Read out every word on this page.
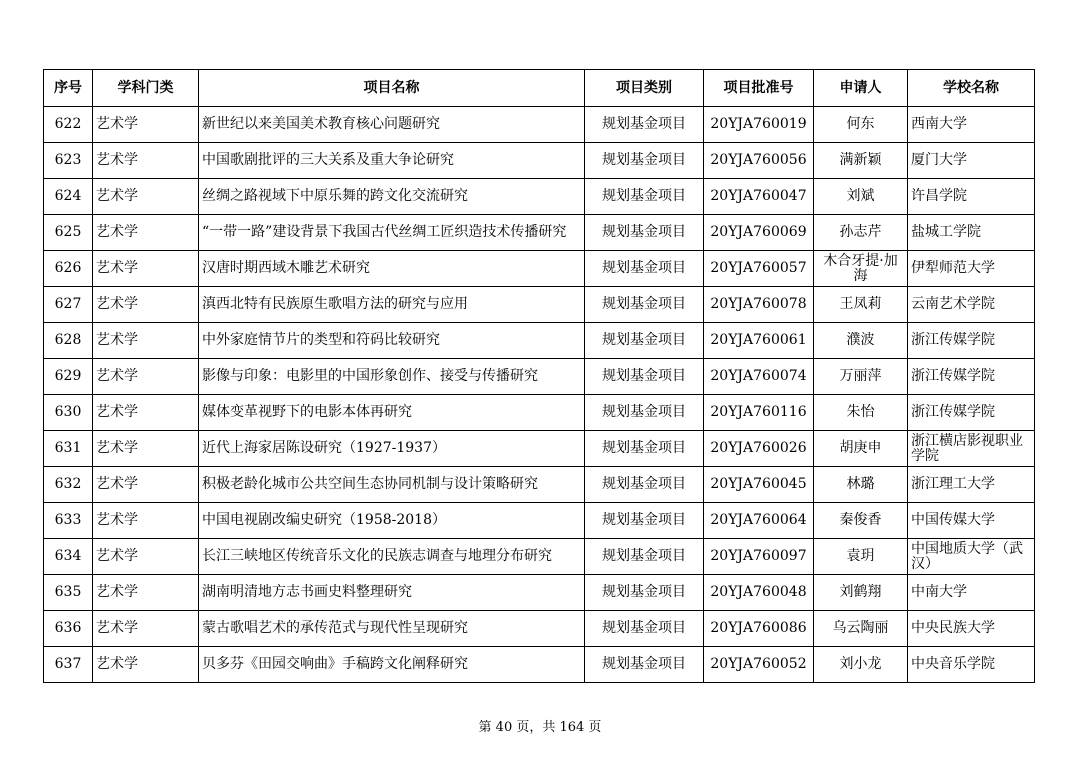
序号	学科门类	项目名称	项目类别	项目批准号	申请人	学校名称
622	艺术学	新世纪以来美国美术教育核心问题研究	规划基金项目	20YJA760019	何东	西南大学
623	艺术学	中国歌剧批评的三大关系及重大争论研究	规划基金项目	20YJA760056	满新颖	厦门大学
624	艺术学	丝绸之路视域下中原乐舞的跨文化交流研究	规划基金项目	20YJA760047	刘斌	许昌学院
625	艺术学	“一带一路”建设背景下我国古代丝绸工匠织造技术传播研究	规划基金项目	20YJA760069	孙志芹	盐城工学院
626	艺术学	汉唐时期西域木雕艺术研究	规划基金项目	20YJA760057	木合牙提·加海	伊犁师范大学
627	艺术学	滇西北特有民族原生歌唱方法的研究与应用	规划基金项目	20YJA760078	王凤莉	云南艺术学院
628	艺术学	中外家庭情节片的类型和符码比较研究	规划基金项目	20YJA760061	濮波	浙江传媒学院
629	艺术学	影像与印象：电影里的中国形象创作、接受与传播研究	规划基金项目	20YJA760074	万丽萍	浙江传媒学院
630	艺术学	媒体变革视野下的电影本体再研究	规划基金项目	20YJA760116	朱怡	浙江传媒学院
631	艺术学	近代上海家居陈设研究（1927-1937）	规划基金项目	20YJA760026	胡庚申	浙江横店影视职业学院
632	艺术学	积极老龄化城市公共空间生态协同机制与设计策略研究	规划基金项目	20YJA760045	林璐	浙江理工大学
633	艺术学	中国电视剧改编史研究（1958-2018）	规划基金项目	20YJA760064	秦俊香	中国传媒大学
634	艺术学	长江三峡地区传统音乐文化的民族志调查与地理分布研究	规划基金项目	20YJA760097	袁玥	中国地质大学（武汉）
635	艺术学	湖南明清地方志书画史料整理研究	规划基金项目	20YJA760048	刘鹤翔	中南大学
636	艺术学	蒙古歌唱艺术的承传范式与现代性呈现研究	规划基金项目	20YJA760086	乌云陶丽	中央民族大学
637	艺术学	贝多芬《田园交响曲》手稿跨文化阐释研究	规划基金项目	20YJA760052	刘小龙	中央音乐学院
第 40 页，共 164 页
